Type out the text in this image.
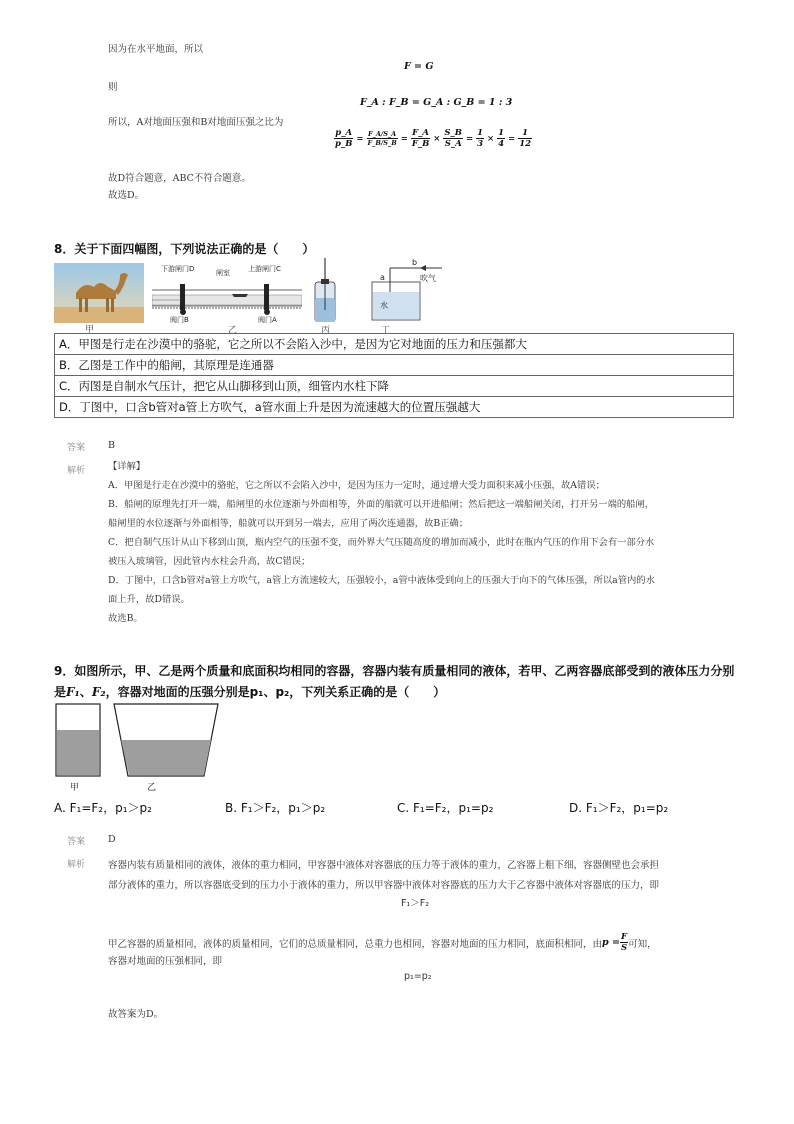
因为在水平地面，所以
F = G
则
F_A : F_B = G_A : G_B = 1 : 3
所以，A对地面压强和B对地面压强之比为
$\frac{p\_A}{p\_B} = \frac{F\_A/S\_A}{F\_B/S\_B} = \frac{F\_A}{F\_B} \times \frac{S\_B}{S\_A} = \frac{1}{3} \times \frac{1}{4} = \frac{1}{12}$
故D符合题意，ABC不符合题意。
故选D。
8．关于下面四幅图，下列说法正确的是（　　）
甲
下游闸门D	上游闸门C
闸室
阀门B	阀门A
乙	丙
a
b
吹气
水
丁
A．甲图是行走在沙漠中的骆驼，它之所以不会陷入沙中，是因为它对地面的压力和压强都大
B．乙图是工作中的船闸，其原理是连通器
C．丙图是自制水气压计，把它从山脚移到山顶，细管内水柱下降
D．丁图中，口含b管对a管上方吹气，a管水面上升是因为流速越大的位置压强越大
答案 B
解析 【详解】
A．甲图是行走在沙漠中的骆驼，它之所以不会陷入沙中，是因为压力一定时，通过增大受力面积来减小压强，故A错误；
B．船闸的原理先打开一端，船闸里的水位逐渐与外面相等，外面的船就可以开进船闸；然后把这一端船闸关闭，打开另一端的船闸，
船闸里的水位逐渐与外面相等，船就可以开到另一端去，应用了两次连通器，故B正确；
C．把自制气压计从山下移到山顶，瓶内空气的压强不变，而外界大气压随高度的增加而减小，此时在瓶内气压的作用下会有一部分水
被压入玻璃管，因此管内水柱会升高，故C错误；
D．丁图中，口含b管对a管上方吹气，a管上方流速较大，压强较小，a管中液体受到向上的压强大于向下的气体压强，所以a管内的水
面上升，故D错误。
故选B。
9．如图所示，甲、乙是两个质量和底面积均相同的容器，容器内装有质量相同的液体，若甲、乙两容器底部受到的液体压力分别
是F₁、F₂，容器对地面的压强分别是p₁、p₂，下列关系正确的是（　　）
甲	乙
A. F₁=F₂，p₁＞p₂	B. F₁＞F₂，p₁＞p₂	C. F₁=F₂，p₁=p₂	D. F₁＞F₂，p₁=p₂
答案 D
解析 容器内装有质量相同的液体，液体的重力相同，甲容器中液体对容器底的压力等于液体的重力，乙容器上粗下细，容器侧壁也会承担
部分液体的重力，所以容器底受到的压力小于液体的重力，所以甲容器中液体对容器底的压力大于乙容器中液体对容器底的压力，即
F₁＞F₂
甲乙容器的质量相同，液体的质量相同，它们的总质量相同，总重力也相同，容器对地面的压力相同，底面积相同，由 $p = \frac{F}{S}$ 可知，
容器对地面的压强相同，即
p₁=p₂
故答案为D。
